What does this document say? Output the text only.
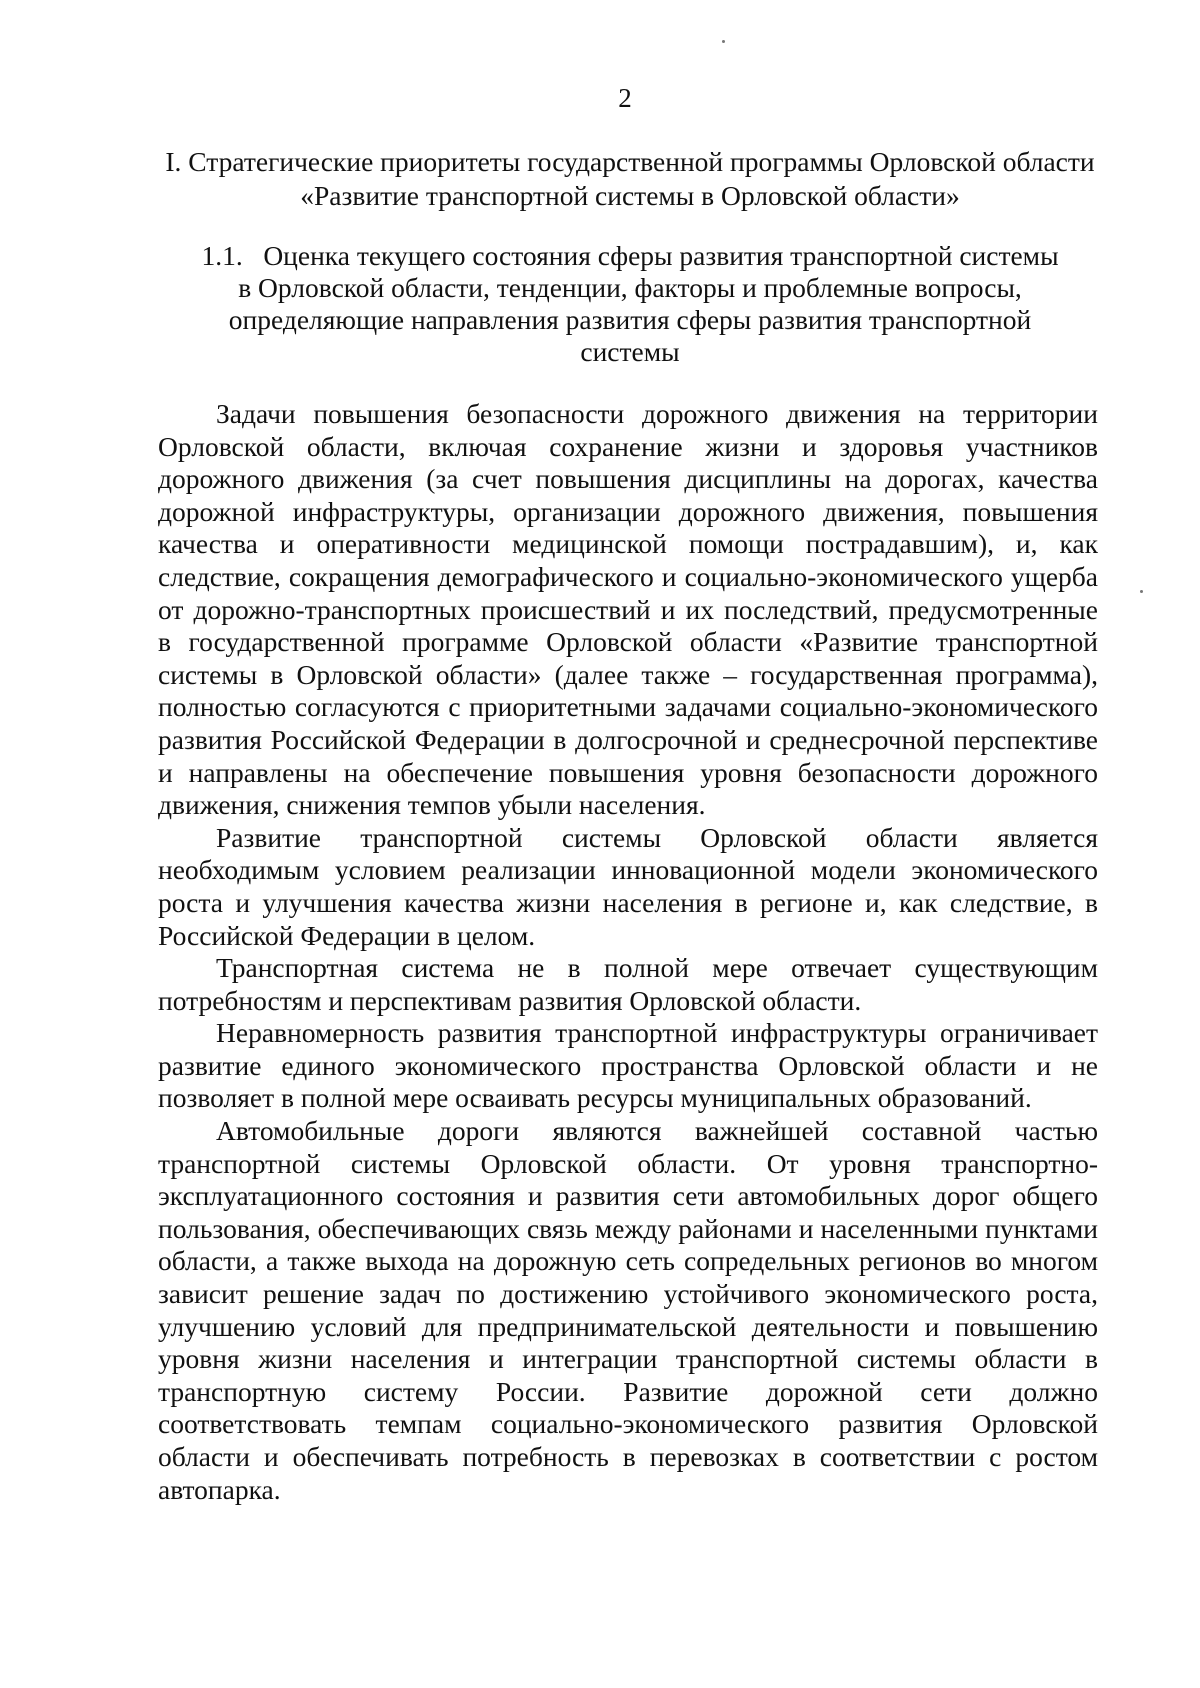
2
I. Стратегические приоритеты государственной программы Орловской области «Развитие транспортной системы в Орловской области»
1.1.   Оценка текущего состояния сферы развития транспортной системы в Орловской области, тенденции, факторы и проблемные вопросы, определяющие направления развития сферы развития транспортной системы

Задачи повышения безопасности дорожного движения на территории Орловской области, включая сохранение жизни и здоровья участников дорожного движения (за счет повышения дисциплины на дорогах, качества дорожной инфраструктуры, организации дорожного движения, повышения качества и оперативности медицинской помощи пострадавшим), и, как следствие, сокращения демографического и социально-экономического ущерба от дорожно-транспортных происшествий и их последствий, предусмотренные в государственной программе Орловской области «Развитие транспортной системы в Орловской области» (далее также – государственная программа), полностью согласуются с приоритетными задачами социально-экономического развития Российской Федерации в долгосрочной и среднесрочной перспективе и направлены на обеспечение повышения уровня безопасности дорожного движения, снижения темпов убыли населения.

Развитие транспортной системы Орловской области является необходимым условием реализации инновационной модели экономического роста и улучшения качества жизни населения в регионе и, как следствие, в Российской Федерации в целом.

Транспортная система не в полной мере отвечает существующим потребностям и перспективам развития Орловской области.

Неравномерность развития транспортной инфраструктуры ограничивает развитие единого экономического пространства Орловской области и не позволяет в полной мере осваивать ресурсы муниципальных образований.

Автомобильные дороги являются важнейшей составной частью транспортной системы Орловской области. От уровня транспортно-эксплуатационного состояния и развития сети автомобильных дорог общего пользования, обеспечивающих связь между районами и населенными пунктами области, а также выхода на дорожную сеть сопредельных регионов во многом зависит решение задач по достижению устойчивого экономического роста, улучшению условий для предпринимательской деятельности и повышению уровня жизни населения и интеграции транспортной системы области в транспортную систему России. Развитие дорожной сети должно соответствовать темпам социально-экономического развития Орловской области и обеспечивать потребность в перевозках в соответствии с ростом автопарка.
